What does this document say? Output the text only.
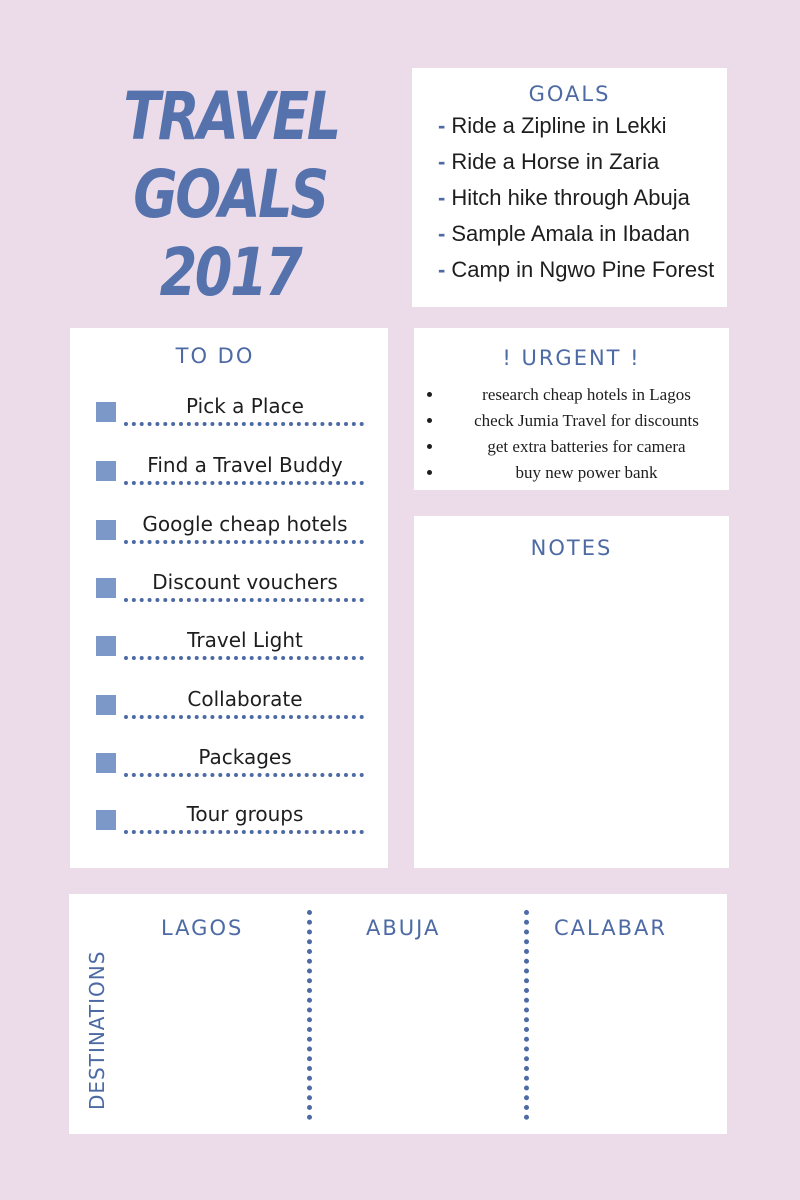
TRAVEL
GOALS
2017
GOALS
- Ride a Zipline in Lekki
- Ride a Horse in Zaria
- Hitch hike through Abuja
- Sample Amala in Ibadan
- Camp in Ngwo Pine Forest
TO DO
Pick a Place
Find a Travel Buddy
Google cheap hotels
Discount vouchers
Travel Light
Collaborate
Packages
Tour groups
! URGENT !
• research cheap hotels in Lagos
• check Jumia Travel for discounts
• get extra batteries for camera
• buy new power bank
NOTES
DESTINATIONS
LAGOS	ABUJA	CALABAR
